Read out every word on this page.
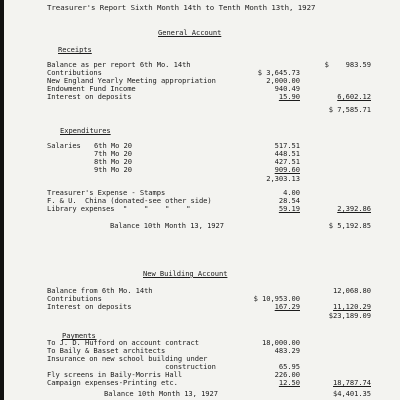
Treasurer's Report Sixth Month 14th to Tenth Month 13th, 1927
General Account
Receipts
Balance as per report 6th Mo. 14th	$    983.59
Contributions	$ 3,645.73
New England Yearly Meeting appropriation	2,000.00
Endowment Fund Income	940.49
Interest on deposits	15.90	6,602.12
$ 7,585.71
Expenditures
Salaries 6th Mo 20	517.51
7th Mo 20	448.51
8th Mo 20	427.51
9th Mo 20	909.60
2,303.13
Treasurer's Expense - Stamps	4.00
F. & U.  China (donated-see other side)	28.54
Library expenses  "    "    "    "	59.19	2,392.86
Balance 10th Month 13, 1927	$ 5,192.85
New Building Account
Balance from 6th Mo. 14th	12,068.80
Contributions	$ 10,953.00
Interest on deposits	167.29	11,120.29
$23,189.09
Payments
To J. D. Hufford on account contract	18,000.00
To Baily & Basset architects	483.29
Insurance on new school building under
construction	65.95
Fly screens in Baily-Morris Hall	226.00
Campaign expenses-Printing etc.	12.50	18,787.74
Balance 10th Month 13, 1927	$4,401.35
